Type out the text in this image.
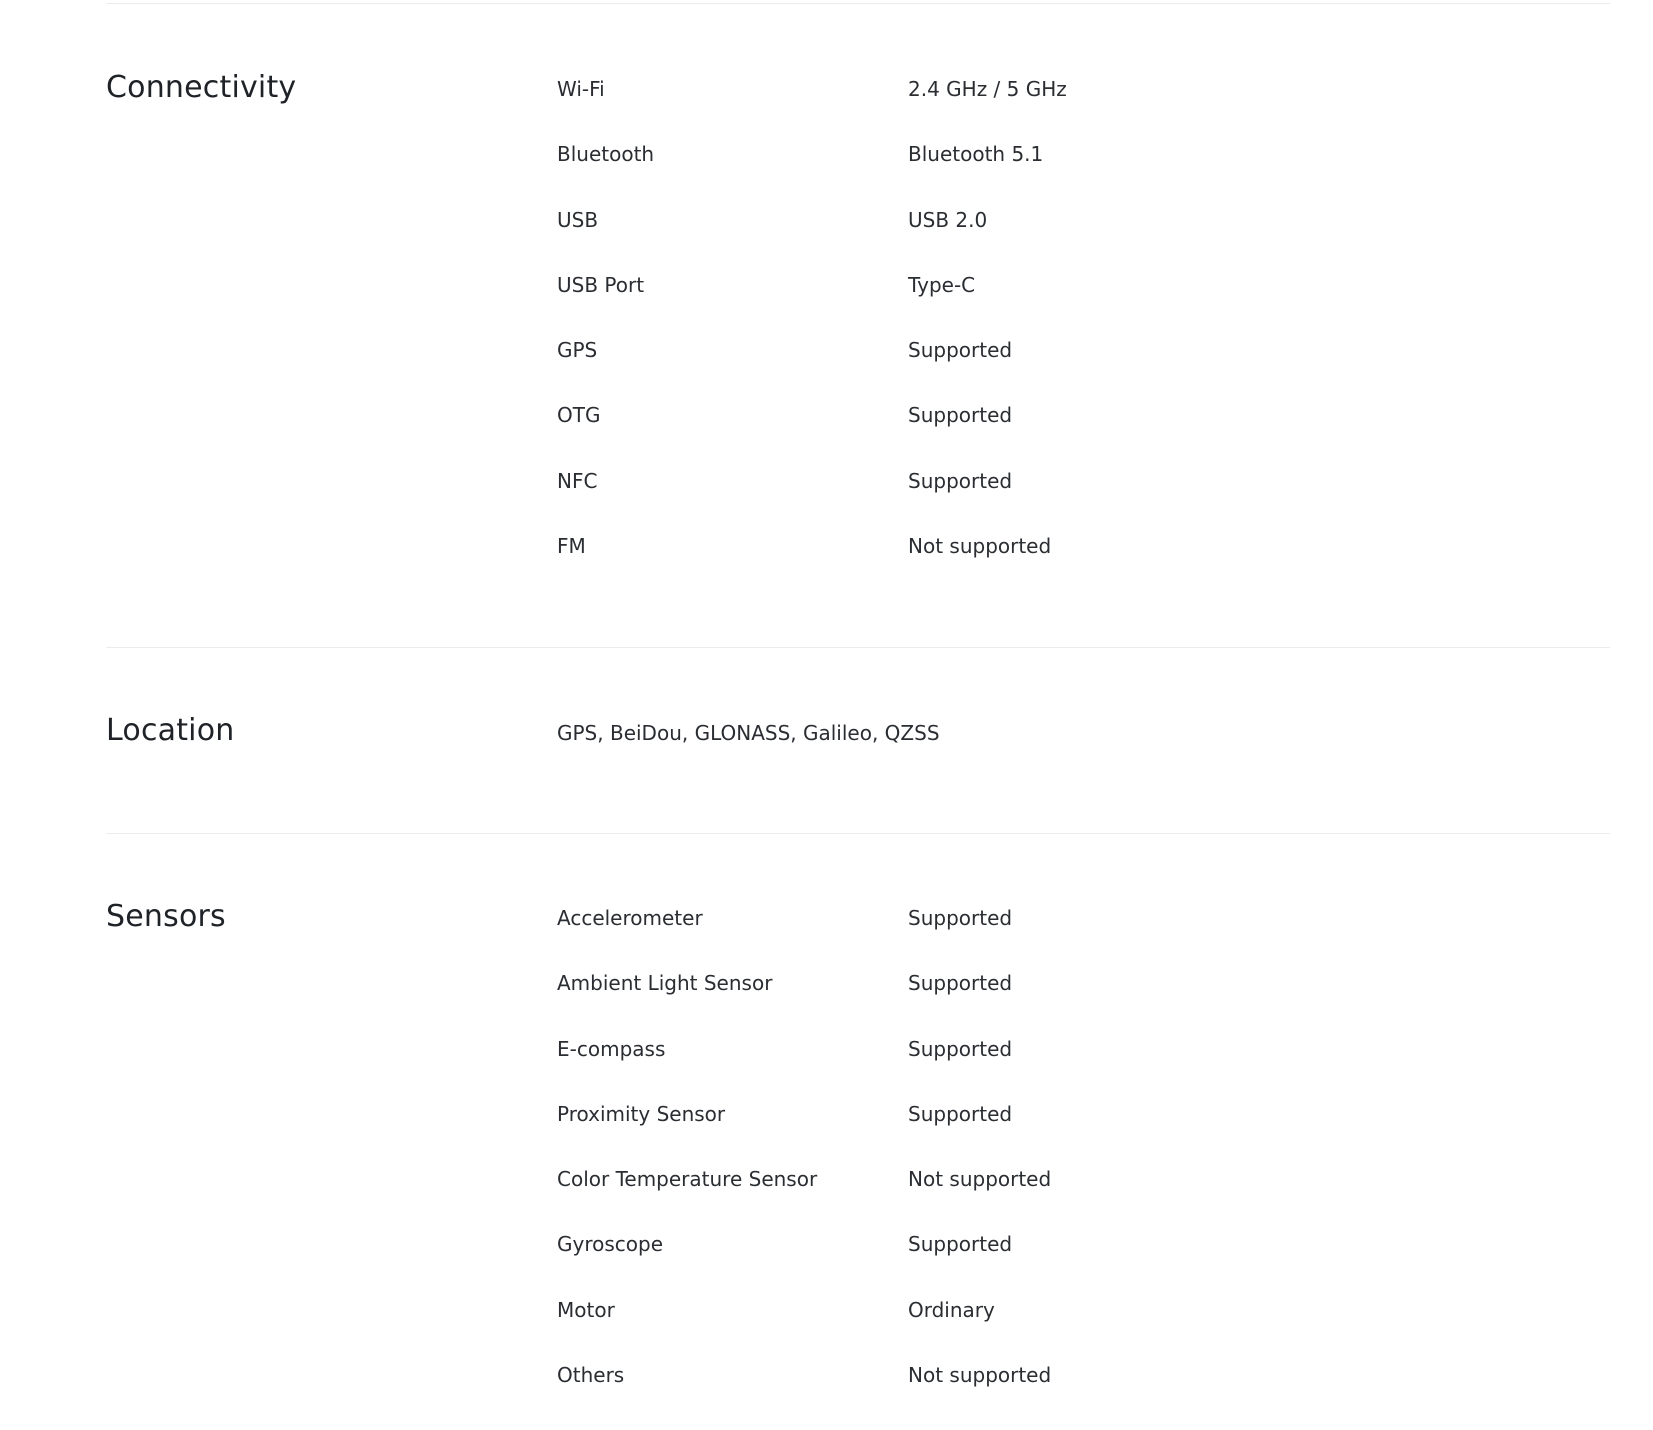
Connectivity	Wi-Fi	2.4 GHz / 5 GHz
Bluetooth	Bluetooth 5.1
USB	USB 2.0
USB Port	Type-C
GPS	Supported
OTG	Supported
NFC	Supported
FM	Not supported
Location	GPS, BeiDou, GLONASS, Galileo, QZSS
Sensors	Accelerometer	Supported
Ambient Light Sensor	Supported
E-compass	Supported
Proximity Sensor	Supported
Color Temperature Sensor	Not supported
Gyroscope	Supported
Motor	Ordinary
Others	Not supported
